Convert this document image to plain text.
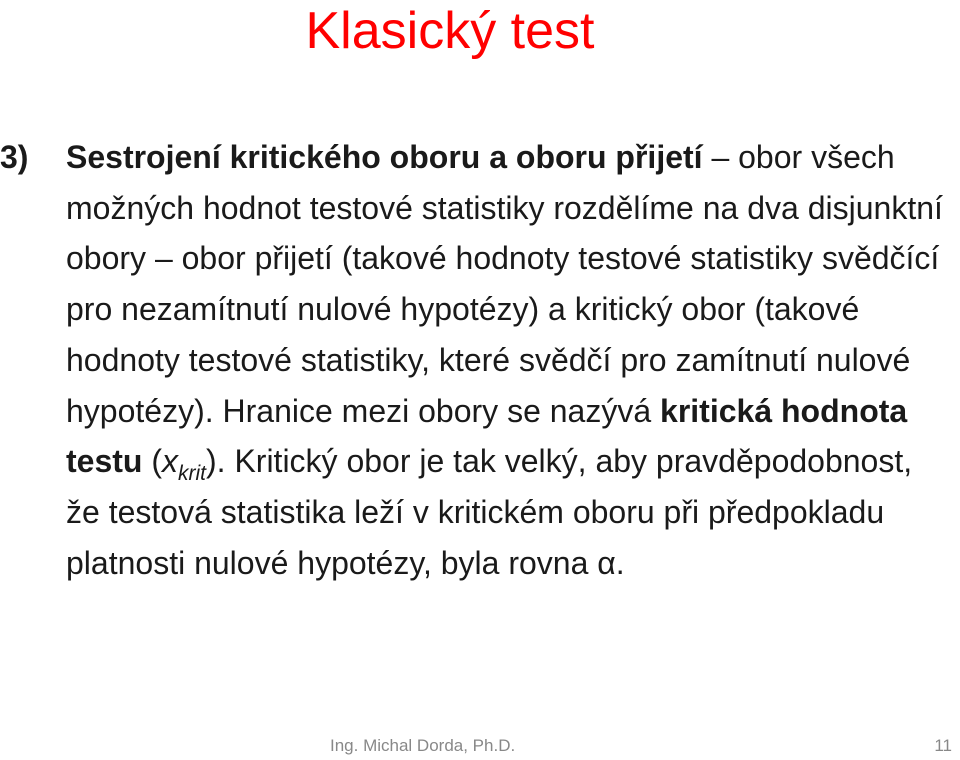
Klasický test
3) Sestrojení kritického oboru a oboru přijetí – obor všech možných hodnot testové statistiky rozdělíme na dva disjunktní obory – obor přijetí (takové hodnoty testové statistiky svědčící pro nezamítnutí nulové hypotézy) a kritický obor (takové hodnoty testové statistiky, které svědčí pro zamítnutí nulové hypotézy). Hranice mezi obory se nazývá kritická hodnota testu $(x_{krit})$. Kritický obor je tak velký, aby pravděpodobnost, že testová statistika leží v kritickém oboru při předpokladu platnosti nulové hypotézy, byla rovna α.

Ing. Michal Dorda, Ph.D.	11
